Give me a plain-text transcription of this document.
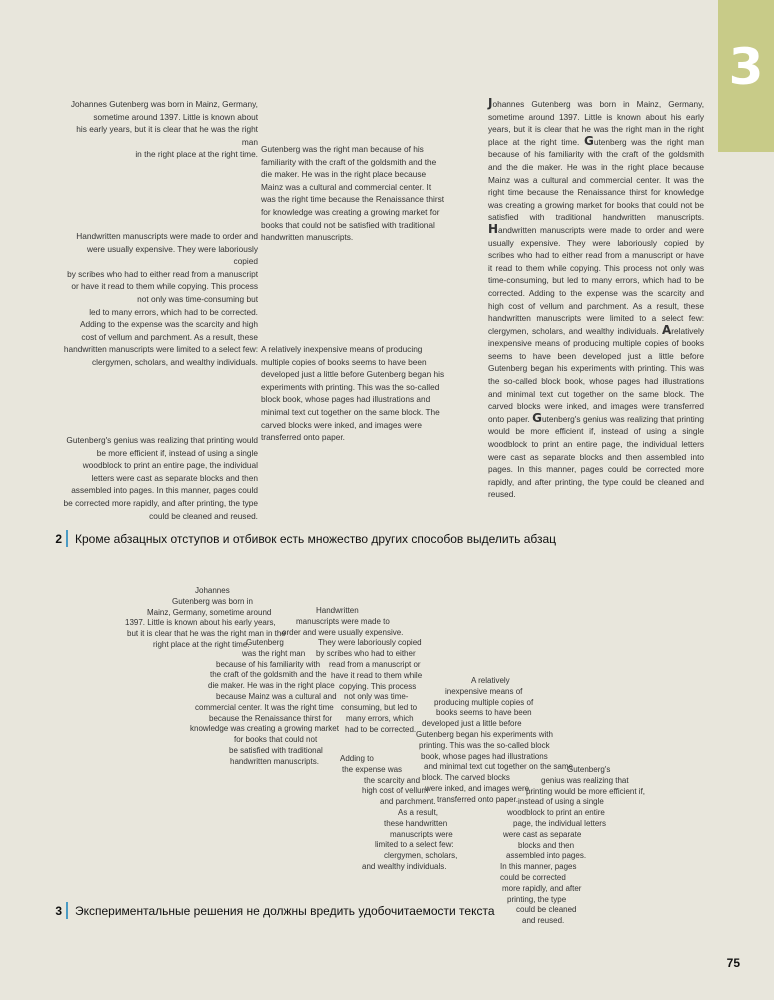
3
Johannes Gutenberg was born in Mainz, Germany,
sometime around 1397. Little is known about
his early years, but it is clear that he was the right man
in the right place at the right time.
Handwritten manuscripts were made to order and
were usually expensive. They were laboriously copied
by scribes who had to either read from a manuscript
or have it read to them while copying. This process
not only was time-consuming but
led to many errors, which had to be corrected.
Adding to the expense was the scarcity and high
cost of vellum and parchment. As a result, these
handwritten manuscripts were limited to a select few:
clergymen, scholars, and wealthy individuals.
Gutenberg's genius was realizing that printing would
be more efficient if, instead of using a single
woodblock to print an entire page, the individual
letters were cast as separate blocks and then
assembled into pages. In this manner, pages could
be corrected more rapidly, and after printing, the type
could be cleaned and reused.
Gutenberg was the right man because of his
familiarity with the craft of the goldsmith and the
die maker. He was in the right place because
Mainz was a cultural and commercial center. It
was the right time because the Renaissance thirst
for knowledge was creating a growing market for
books that could not be satisfied with traditional
handwritten manuscripts.
A relatively inexpensive means of producing
multiple copies of books seems to have been
developed just a little before Gutenberg began his
experiments with printing. This was the so-called
block book, whose pages had illustrations and
minimal text cut together on the same block. The
carved blocks were inked, and images were
transferred onto paper.
Johannes Gutenberg was born in Mainz, Germany, sometime around 1397. Little is known about his early years, but it is clear that he was the right man in the right place at the right time. Gutenberg was the right man because of his familiarity with the craft of the goldsmith and the die maker. He was in the right place because Mainz was a cultural and commercial center. It was the right time because the Renaissance thirst for knowledge was creating a growing market for books that could not be satisfied with traditional handwritten manuscripts. Handwritten manuscripts were made to order and were usually expensive. They were laboriously copied by scribes who had to either read from a manuscript or have it read to them while copying. This process not only was time-consuming, but led to many errors, which had to be corrected. Adding to the expense was the scarcity and high cost of vellum and parchment. As a result, these handwritten manuscripts were limited to a select few: clergymen, scholars, and wealthy individuals. Arelatively inexpensive means of producing multiple copies of books seems to have been developed just a little before Gutenberg began his experiments with printing. This was the so-called block book, whose pages had illustrations and minimal text cut together on the same block. The carved blocks were inked, and images were transferred onto paper. Gutenberg's genius was realizing that printing would be more efficient if, instead of using a single woodblock to print an entire page, the individual letters were cast as separate blocks and then assembled into pages. In this manner, pages could be corrected more rapidly, and after printing, the type could be cleaned and reused.
2 Кроме абзацных отступов и отбивок есть множество других способов выделить абзац
Johannes
Gutenberg was born in
Mainz, Germany, sometime around
1397. Little is known about his early years,
but it is clear that he was the right man in the
right place at the right time.
Gutenberg
was the right man
because of his familiarity with
the craft of the goldsmith and the
die maker. He was in the right place
because Mainz was a cultural and
commercial center. It was the right time
because the Renaissance thirst for
knowledge was creating a growing market
for books that could not
be satisfied with traditional
handwritten manuscripts.
Handwritten
manuscripts were made to
order and were usually expensive.
They were laboriously copied
by scribes who had to either
read from a manuscript or
have it read to them while
copying. This process
not only was time-
consuming, but led to
many errors, which
had to be corrected.
Adding to
the expense was
the scarcity and
high cost of vellum
and parchment.
As a result,
these handwritten
manuscripts were
limited to a select few:
clergymen, scholars,
and wealthy individuals.
A relatively
inexpensive means of
producing multiple copies of
books seems to have been
developed just a little before
Gutenberg began his experiments with
printing. This was the so-called block
book, whose pages had illustrations
and minimal text cut together on the same
block. The carved blocks
were inked, and images were
transferred onto paper.
Gutenberg's
genius was realizing that
printing would be more efficient if,
instead of using a single
woodblock to print an entire
page, the individual letters
were cast as separate
blocks and then
assembled into pages.
In this manner, pages
could be corrected
more rapidly, and after
printing, the type
could be cleaned
and reused.
3 Экспериментальные решения не должны вредить удобочитаемости текста
75
